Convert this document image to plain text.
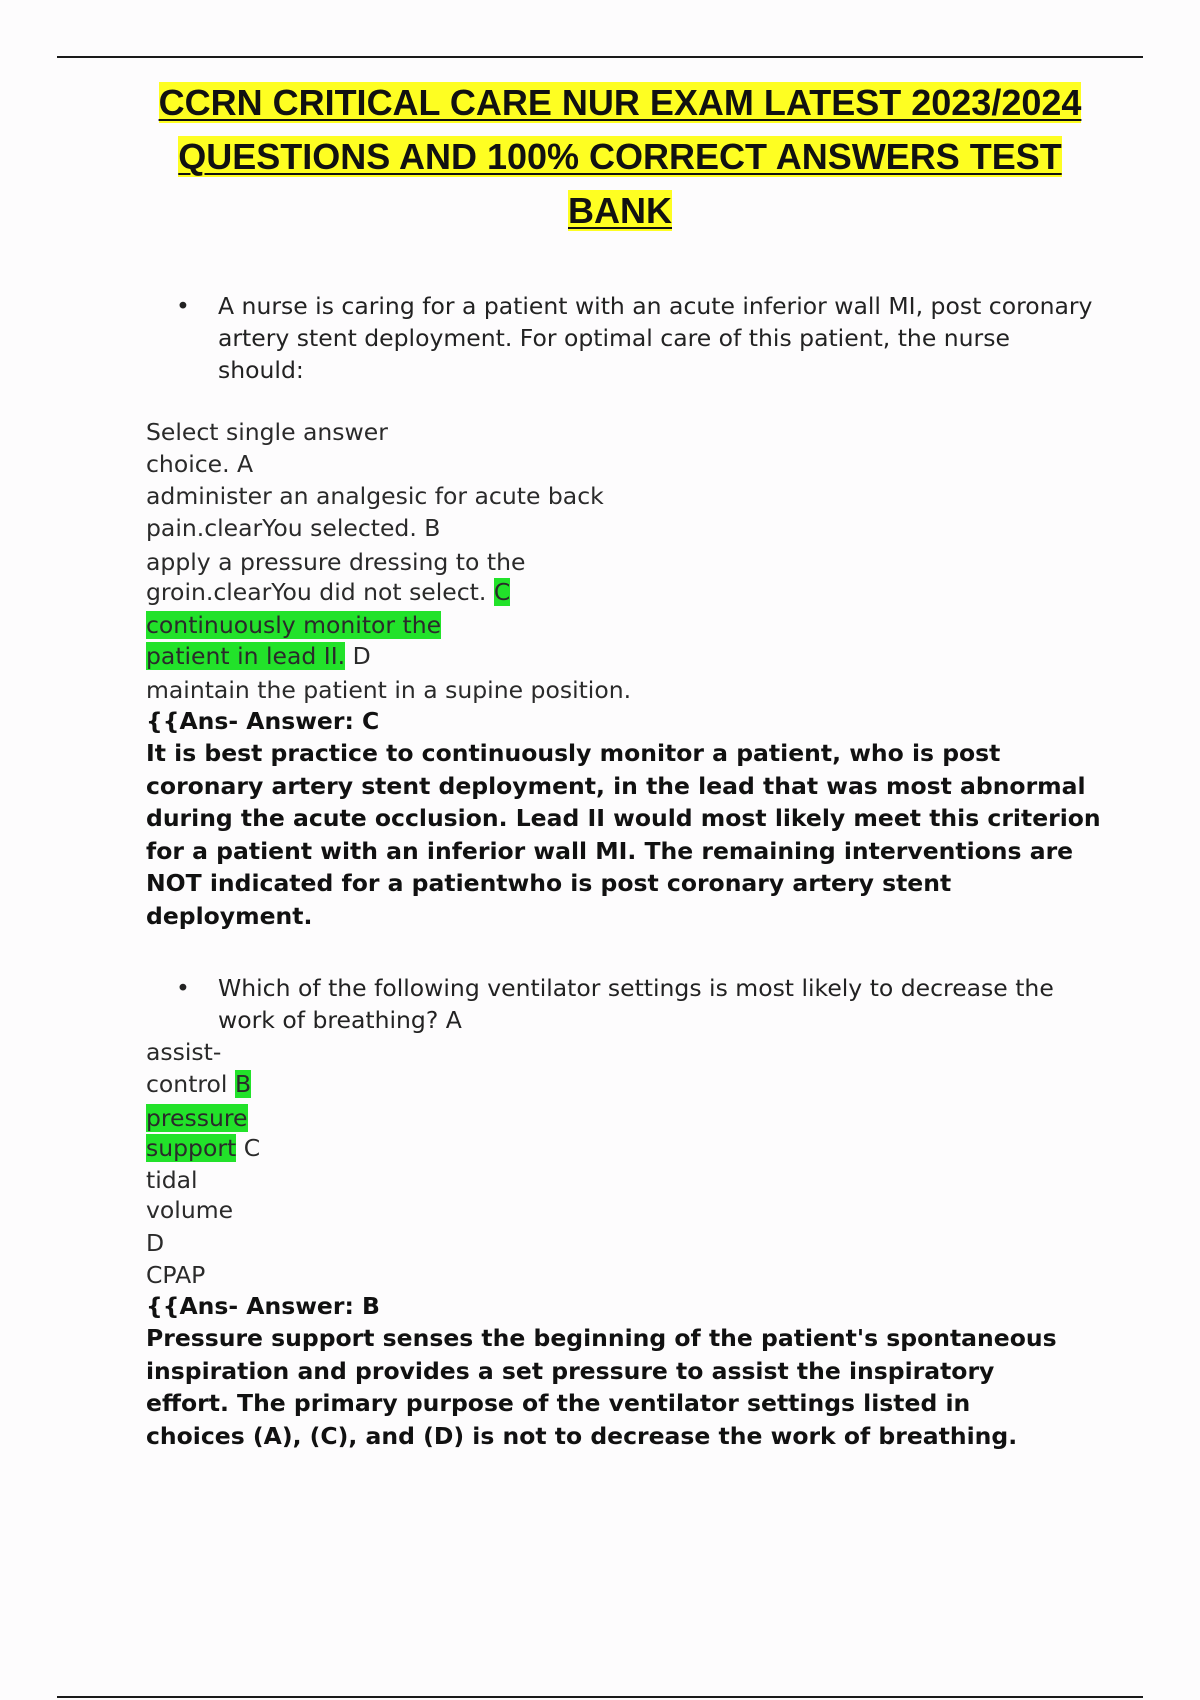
CCRN CRITICAL CARE NUR EXAM LATEST 2023/2024
QUESTIONS AND 100% CORRECT ANSWERS TEST
BANK
•	A nurse is caring for a patient with an acute inferior wall MI, post coronary artery stent deployment. For optimal care of this patient, the nurse should:
Select single answer
choice. A
administer an analgesic for acute back
pain.clearYou selected. B
apply a pressure dressing to the
groin.clearYou did not select. C
continuously monitor the
patient in lead II. D
maintain the patient in a supine position.
{{Ans- Answer: C
It is best practice to continuously monitor a patient, who is post coronary artery stent deployment, in the lead that was most abnormal during the acute occlusion. Lead II would most likely meet this criterion for a patient with an inferior wall MI. The remaining interventions are NOT indicated for a patientwho is post coronary artery stent deployment.
•	Which of the following ventilator settings is most likely to decrease the work of breathing? A
assist-
control B
pressure
support C
tidal
volume
D
CPAP
{{Ans- Answer: B
Pressure support senses the beginning of the patient's spontaneous inspiration and provides a set pressure to assist the inspiratory effort. The primary purpose of the ventilator settings listed in choices (A), (C), and (D) is not to decrease the work of breathing.
